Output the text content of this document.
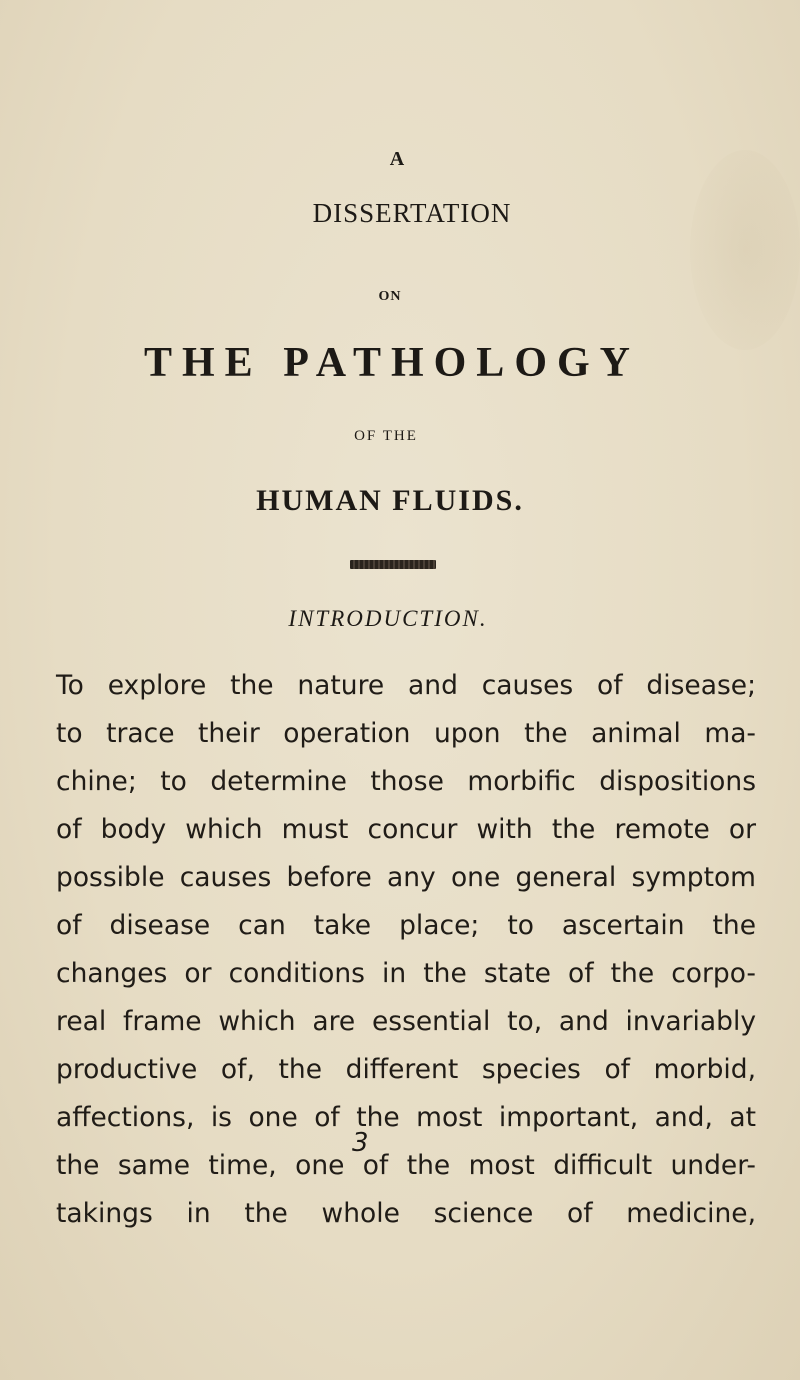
A
DISSERTATION
ON
THE PATHOLOGY
OF THE
HUMAN FLUIDS.
INTRODUCTION.
To explore the nature and causes of disease;
to trace their operation upon the animal ma-
chine; to determine those morbific dispositions
of body which must concur with the remote or
possible causes before any one general symptom
of disease can take place; to ascertain the
changes or conditions in the state of the corpo-
real frame which are essential to, and invariably
productive of, the different species of morbid,
affections, is one of the most important, and, at
the same time, one of the most difficult under-
takings in the whole science of medicine,
3
